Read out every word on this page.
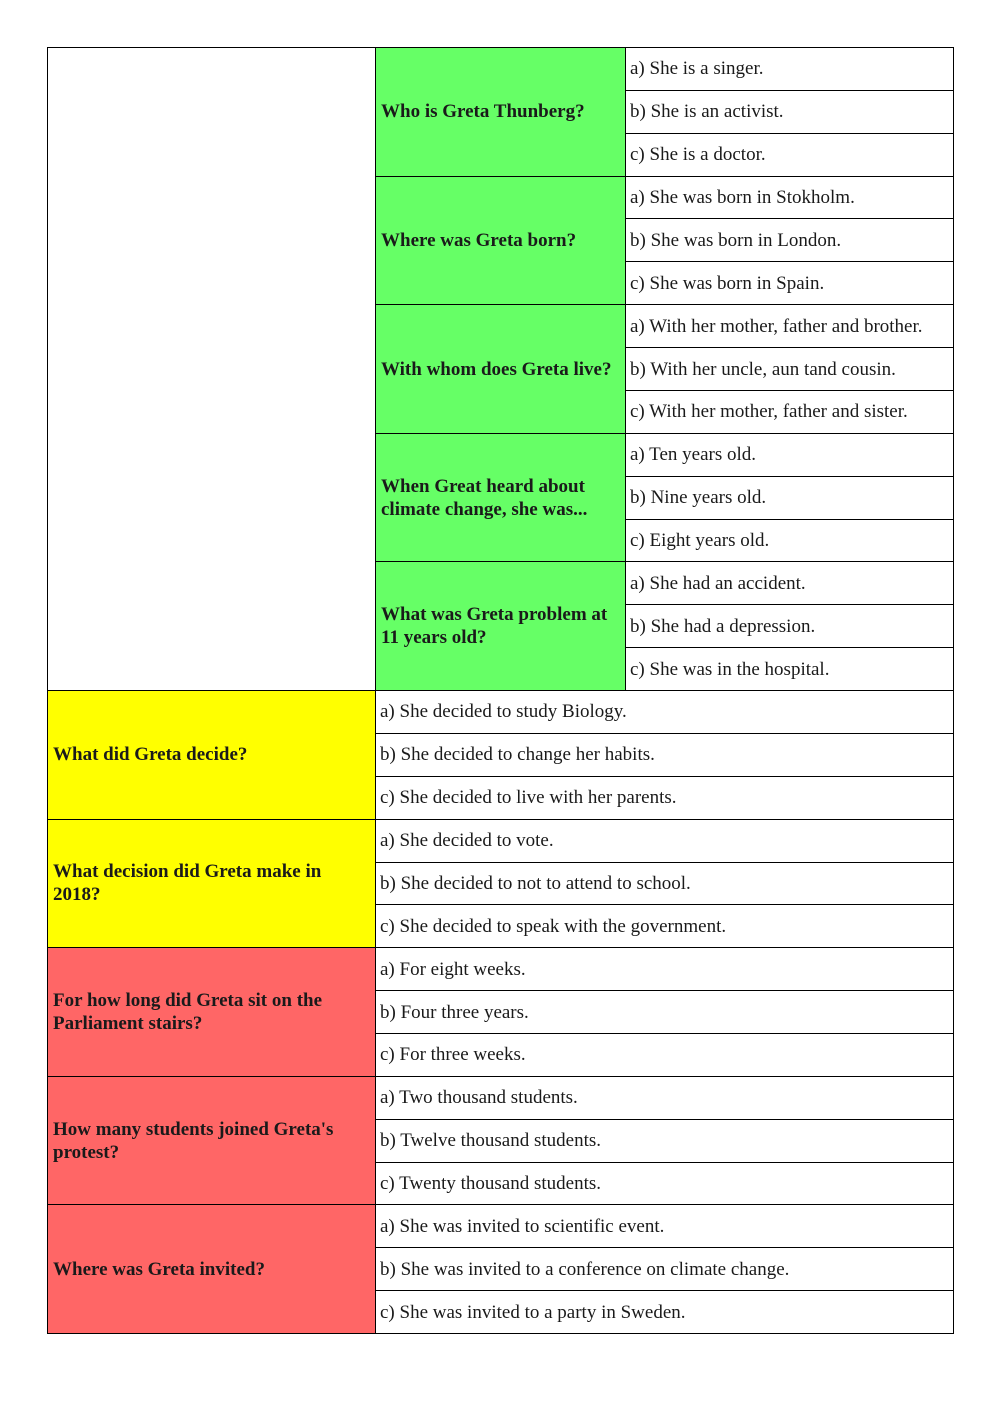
Who is Greta Thunberg?
a) She is a singer.
b) She is an activist.
c) She is a doctor.
Where was Greta born?
a) She was born in Stokholm.
b) She was born in London.
c) She was born in Spain.
With whom does Greta live?
a) With her mother, father and brother.
b) With her uncle, aun tand cousin.
c) With her mother, father and sister.
When Great heard about climate change, she was...
a) Ten years old.
b) Nine years old.
c) Eight years old.
What was Greta problem at 11 years old?
a) She had an accident.
b) She had a depression.
c) She was in the hospital.
What did Greta decide?
a) She decided to study Biology.
b) She decided to change her habits.
c) She decided to live with her parents.
What decision did Greta make in 2018?
a) She decided to vote.
b) She decided to not to attend to school.
c) She decided to speak with the government.
For how long did Greta sit on the Parliament stairs?
a) For eight weeks.
b) Four three years.
c) For three weeks.
How many students joined Greta's protest?
a) Two thousand students.
b) Twelve thousand students.
c) Twenty thousand students.
Where was Greta invited?
a) She was invited to scientific event.
b) She was invited to a conference on climate change.
c) She was invited to a party in Sweden.
